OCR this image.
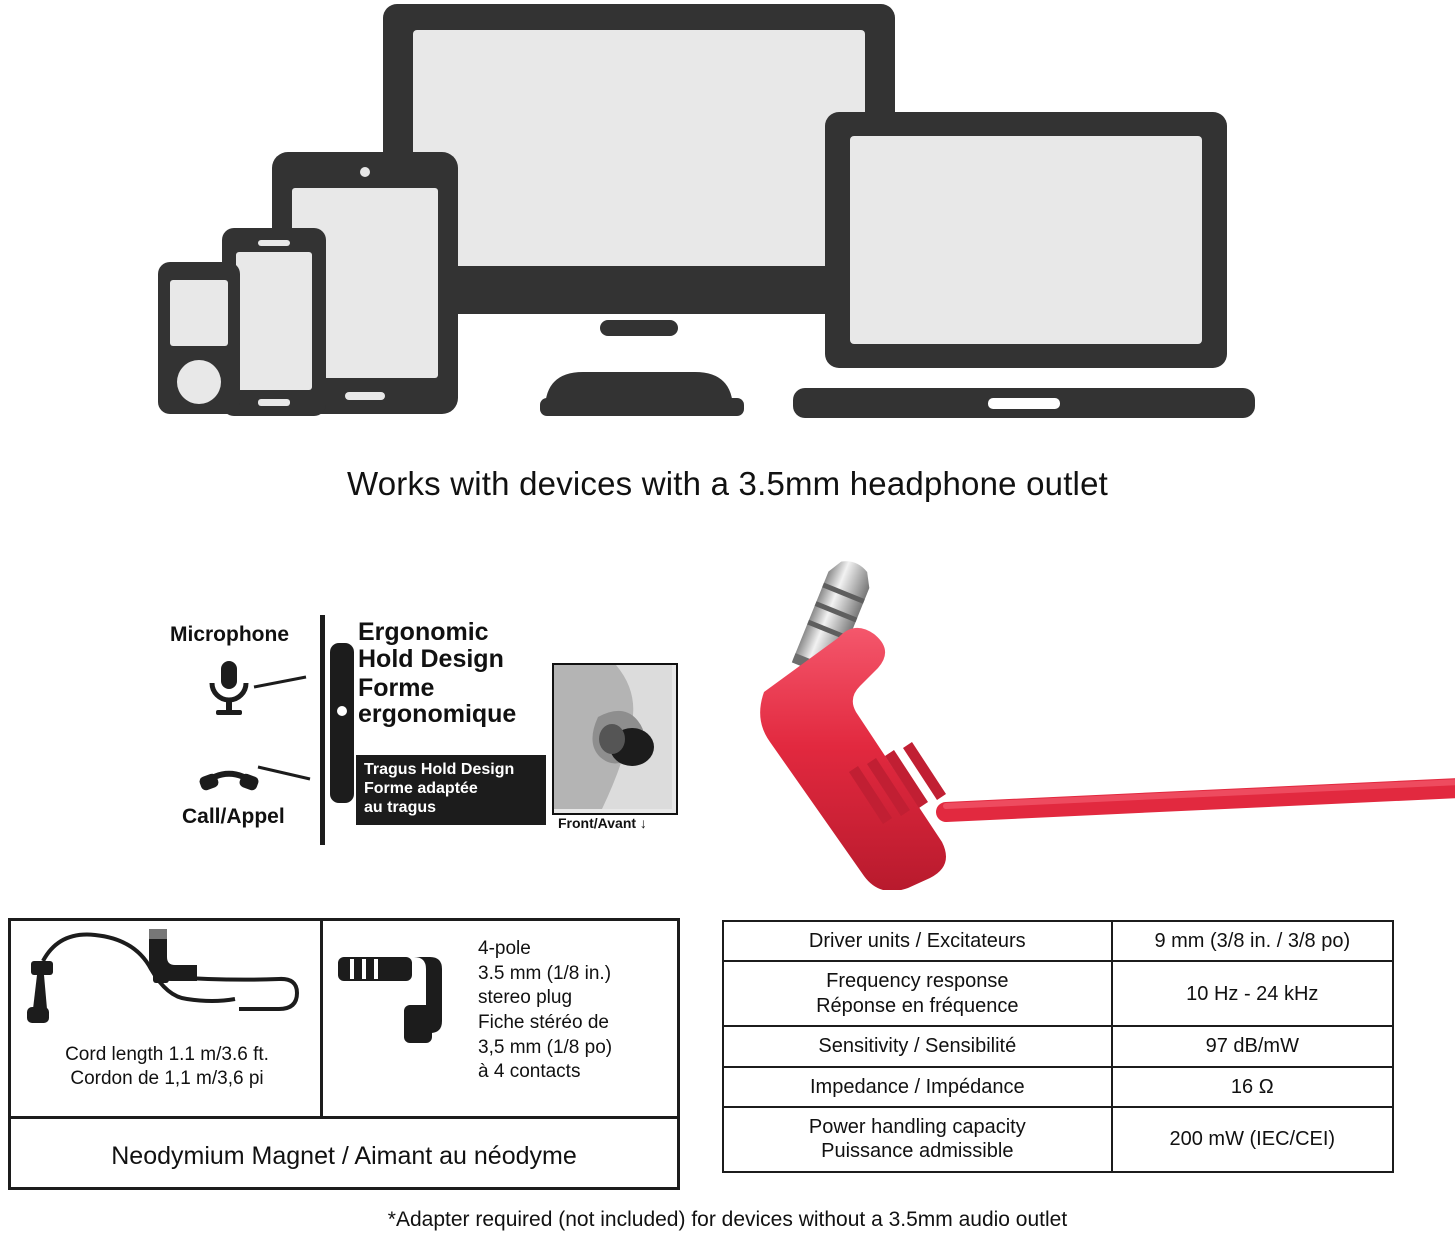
Works with devices with a 3.5mm headphone outlet
Microphone
Call/Appel
Ergonomic
Hold Design
Forme
ergonomique
Tragus Hold Design
Forme adaptée
au tragus
Front/Avant ↓
Cord length 1.1 m/3.6 ft.
Cordon de 1,1 m/3,6 pi
4-pole
3.5 mm (1/8 in.)
stereo plug
Fiche stéréo de
3,5 mm (1/8 po)
à 4 contacts
Neodymium Magnet / Aimant au néodyme
Driver units / Excitateurs	9 mm (3/8 in. / 3/8 po)
Frequency response
Réponse en fréquence	10 Hz - 24 kHz
Sensitivity / Sensibilité	97 dB/mW
Impedance / Impédance	16 Ω
Power handling capacity
Puissance admissible	200 mW (IEC/CEI)
*Adapter required (not included) for devices without a 3.5mm audio outlet
